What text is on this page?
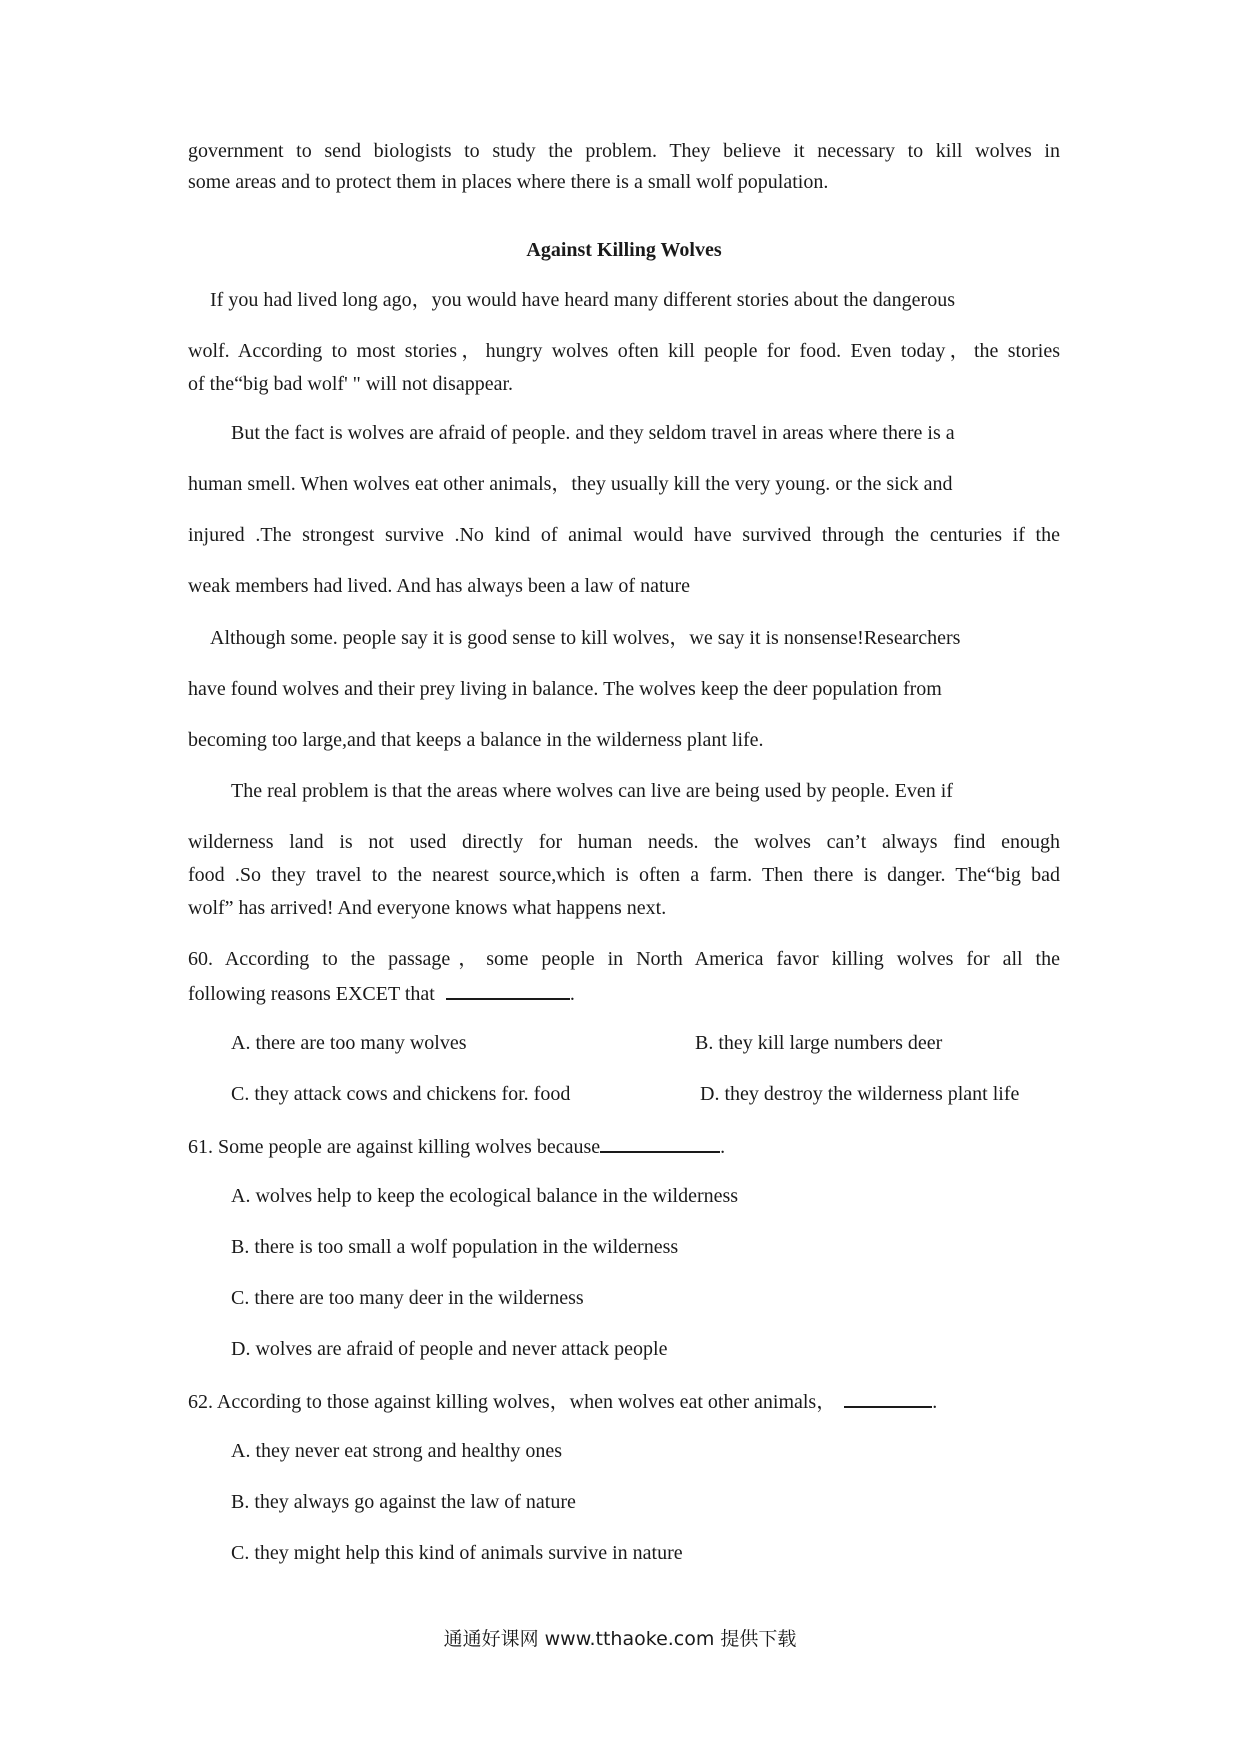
government to send biologists to study the problem. They believe it necessary to kill wolves in
some areas and to protect them in places where there is a small wolf population.
Against Killing Wolves
If you had lived long ago，you would have heard many different stories about the dangerous
wolf. According to most stories，hungry wolves often kill people for food. Even today，the stories
of the“big bad wolf' " will not disappear.
But the fact is wolves are afraid of people. and they seldom travel in areas where there is a
human smell. When wolves eat other animals，they usually kill the very young. or the sick and
injured .The strongest survive .No kind of animal would have survived through the centuries if the
weak members had lived. And has always been a law of nature
Although some. people say it is good sense to kill wolves，we say it is nonsense!Researchers
have found wolves and their prey living in balance. The wolves keep the deer population from
becoming too large,and that keeps a balance in the wilderness plant life.
The real problem is that the areas where wolves can live are being used by people. Even if
wilderness land is not used directly for human needs. the wolves can’t always find enough
food .So they travel to the nearest source,which is often a farm. Then there is danger. The“big bad
wolf” has arrived! And everyone knows what happens next.
60. According to the passage，some people in North America favor killing wolves for all the
following reasons EXCET that	.
A. there are too many wolves	B. they kill large numbers deer
C. they attack cows and chickens for. food	D. they destroy the wilderness plant life
61. Some people are against killing wolves because	.
A. wolves help to keep the ecological balance in the wilderness
B. there is too small a wolf population in the wilderness
C. there are too many deer in the wilderness
D. wolves are afraid of people and never attack people
62. According to those against killing wolves，when wolves eat other animals，	.
A. they never eat strong and healthy ones
B. they always go against the law of nature
C. they might help this kind of animals survive in nature
通通好课网 www.tthaoke.com 提供下载
